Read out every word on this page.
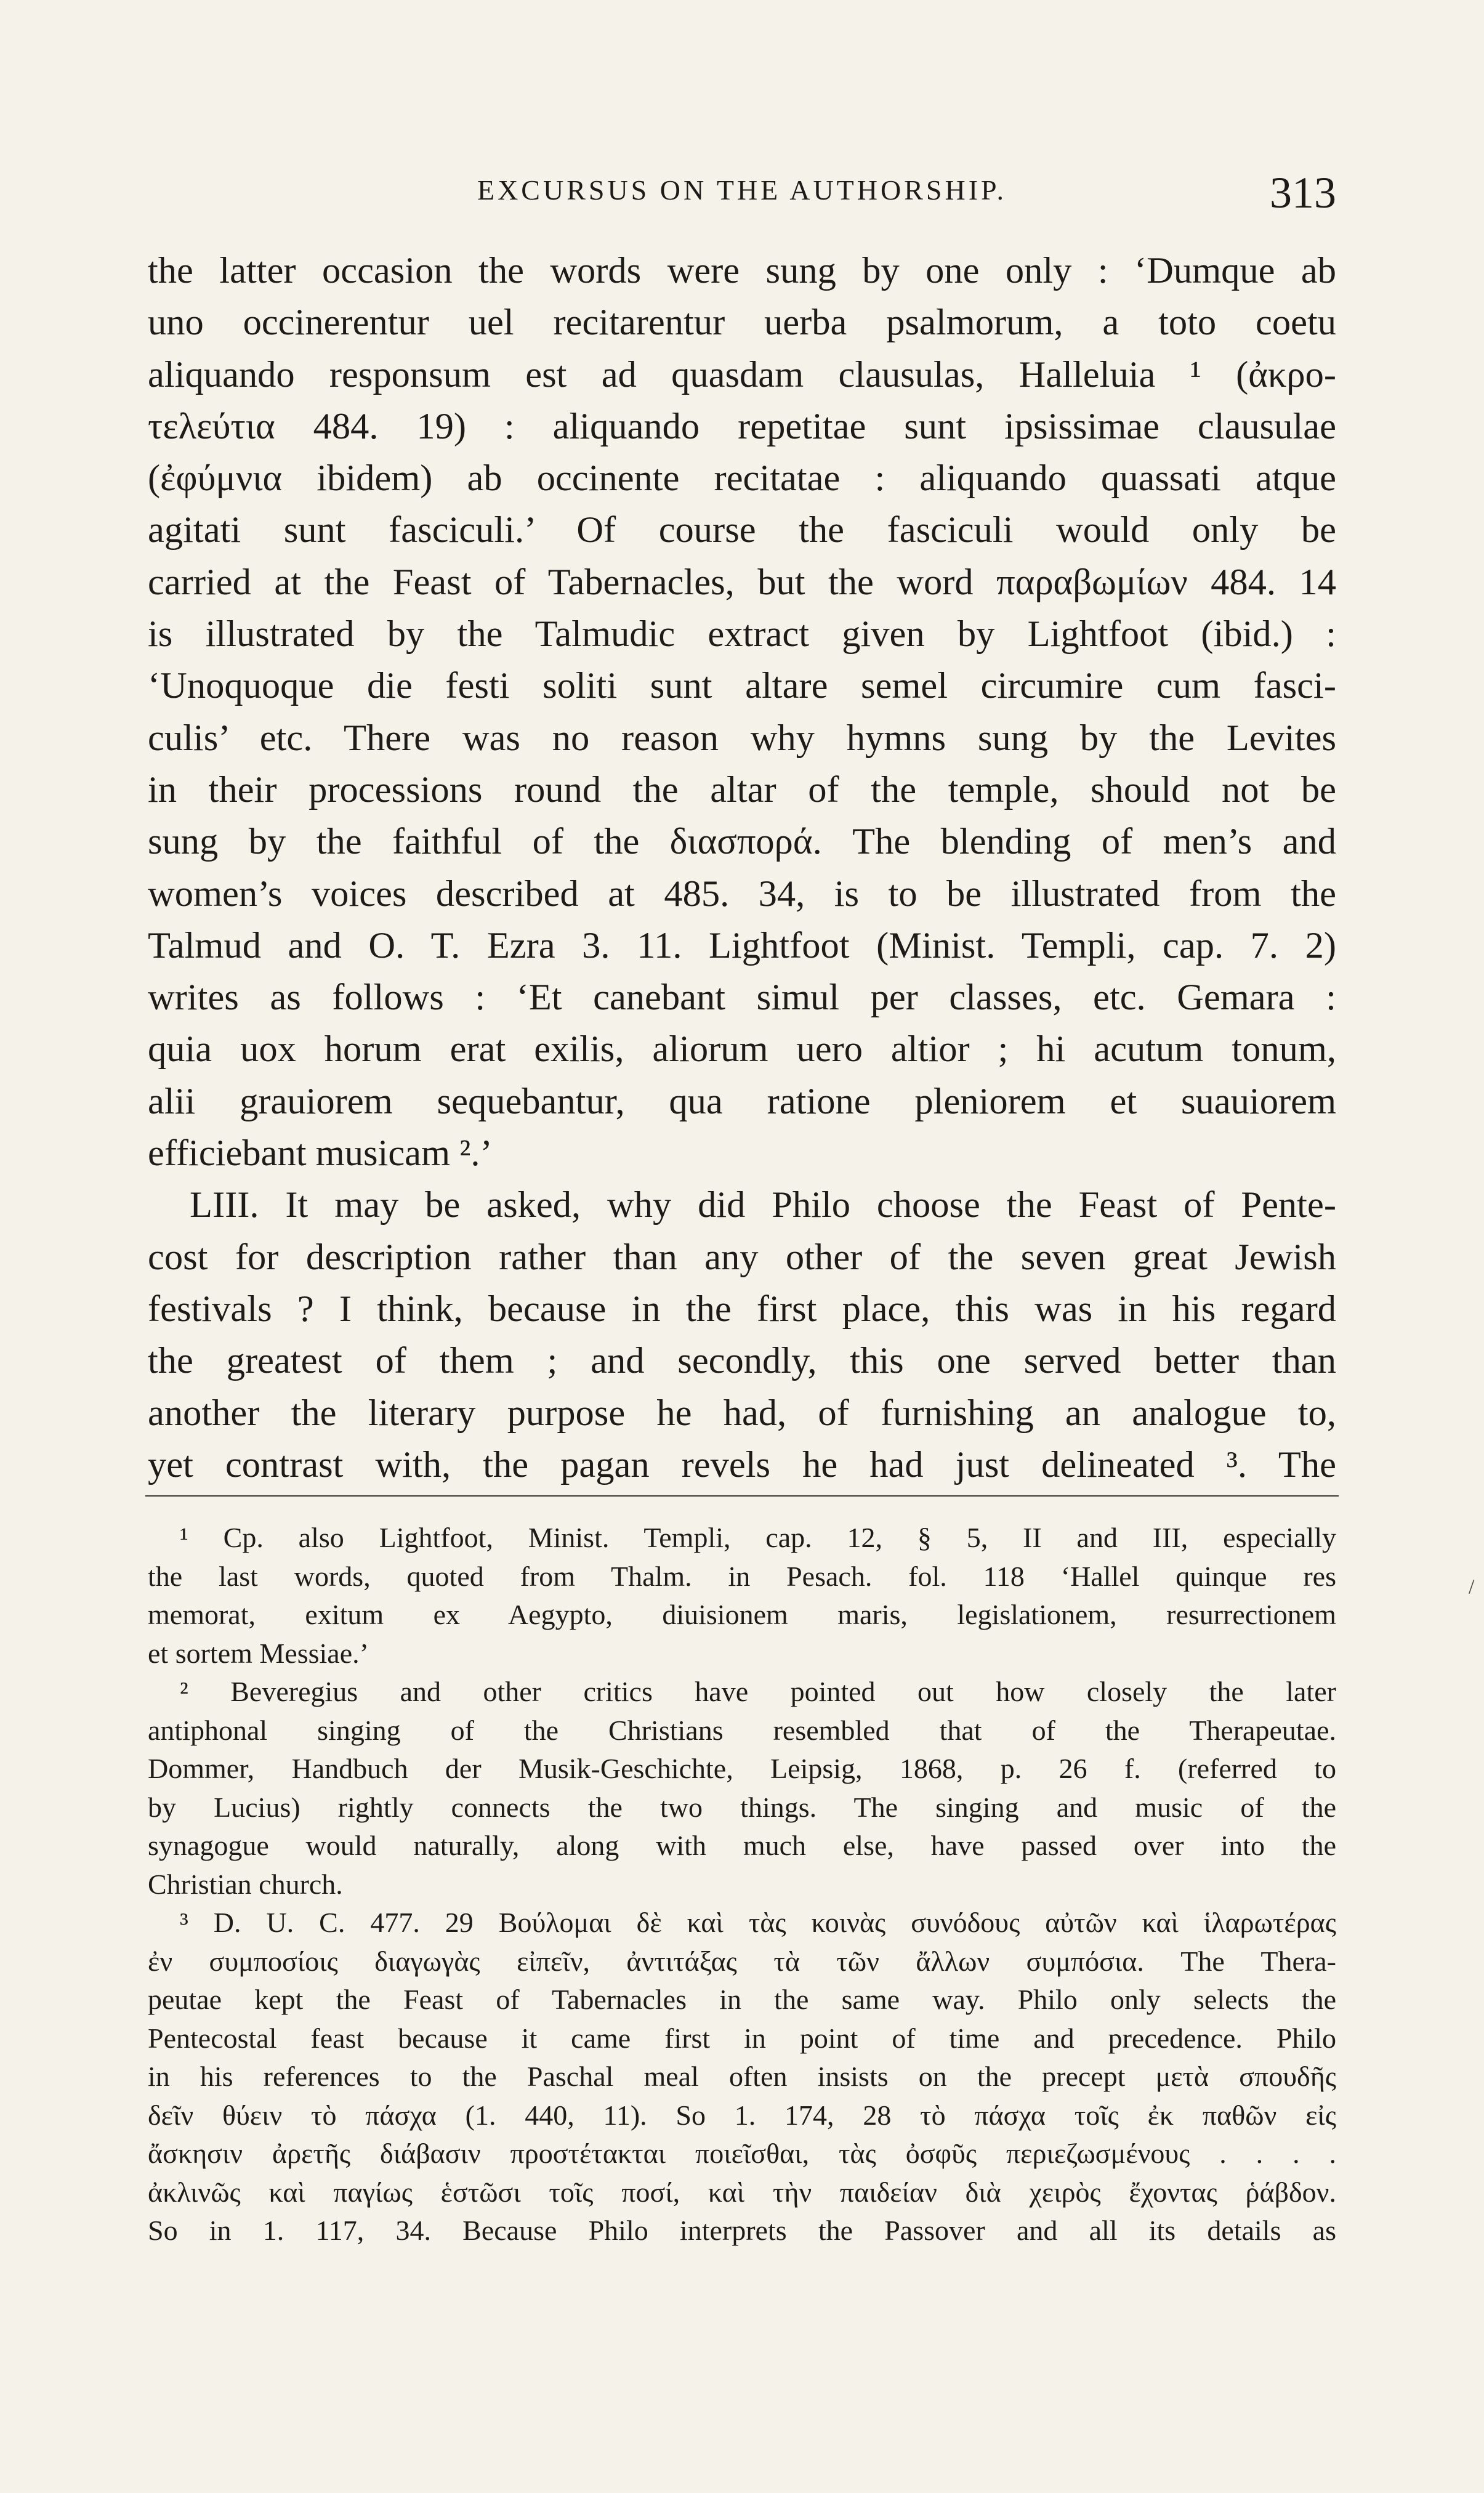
EXCURSUS ON THE AUTHORSHIP.	313
the latter occasion the words were sung by one only : ‘Dumque ab
uno occinerentur uel recitarentur uerba psalmorum, a toto coetu
aliquando responsum est ad quasdam clausulas, Halleluia ¹ (ἀκρο-
τελεύτια 484. 19) : aliquando repetitae sunt ipsissimae clausulae
(ἐφύμνια ibidem) ab occinente recitatae : aliquando quassati atque
agitati sunt fasciculi.’ Of course the fasciculi would only be
carried at the Feast of Tabernacles, but the word παραβωμίων 484. 14
is illustrated by the Talmudic extract given by Lightfoot (ibid.) :
‘Unoquoque die festi soliti sunt altare semel circumire cum fasci-
culis’ etc. There was no reason why hymns sung by the Levites
in their processions round the altar of the temple, should not be
sung by the faithful of the διασπορά. The blending of men’s and
women’s voices described at 485. 34, is to be illustrated from the
Talmud and O. T. Ezra 3. 11. Lightfoot (Minist. Templi, cap. 7. 2)
writes as follows : ‘Et canebant simul per classes, etc. Gemara :
quia uox horum erat exilis, aliorum uero altior ; hi acutum tonum,
alii grauiorem sequebantur, qua ratione pleniorem et suauiorem
efficiebant musicam ².’
LIII. It may be asked, why did Philo choose the Feast of Pente-
cost for description rather than any other of the seven great Jewish
festivals ? I think, because in the first place, this was in his regard
the greatest of them ; and secondly, this one served better than
another the literary purpose he had, of furnishing an analogue to,
yet contrast with, the pagan revels he had just delineated ³. The
¹ Cp. also Lightfoot, Minist. Templi, cap. 12, § 5, II and III, especially
the last words, quoted from Thalm. in Pesach. fol. 118 ‘Hallel quinque res
memorat, exitum ex Aegypto, diuisionem maris, legislationem, resurrectionem
et sortem Messiae.’
² Beveregius and other critics have pointed out how closely the later
antiphonal singing of the Christians resembled that of the Therapeutae.
Dommer, Handbuch der Musik-Geschichte, Leipsig, 1868, p. 26 f. (referred to
by Lucius) rightly connects the two things. The singing and music of the
synagogue would naturally, along with much else, have passed over into the
Christian church.
³ D. U. C. 477. 29 Βούλομαι δὲ καὶ τὰς κοινὰς συνόδους αὐτῶν καὶ ἱλαρωτέρας
ἐν συμποσίοις διαγωγὰς εἰπεῖν, ἀντιτάξας τὰ τῶν ἄλλων συμπόσια. The Thera-
peutae kept the Feast of Tabernacles in the same way. Philo only selects the
Pentecostal feast because it came first in point of time and precedence. Philo
in his references to the Paschal meal often insists on the precept μετὰ σπουδῆς
δεῖν θύειν τὸ πάσχα (1. 440, 11). So 1. 174, 28 τὸ πάσχα τοῖς ἐκ παθῶν εἰς
ἄσκησιν ἀρετῆς διάβασιν προστέτακται ποιεῖσθαι, τὰς ὀσφῦς περιεζωσμένους . . . .
ἀκλινῶς καὶ παγίως ἑστῶσι τοῖς ποσί, καὶ τὴν παιδείαν διὰ χειρὸς ἔχοντας ῥάβδον.
So in 1. 117, 34. Because Philo interprets the Passover and all its details as
/
